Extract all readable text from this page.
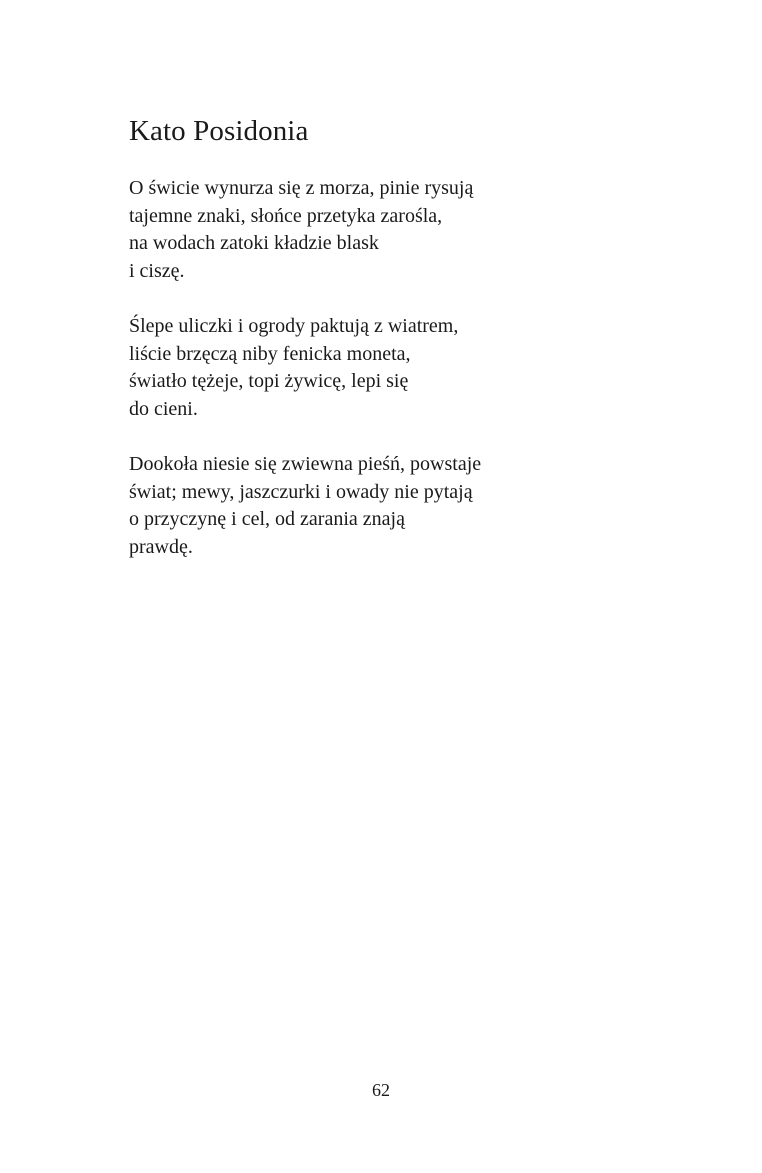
Kato Posidonia

O świcie wynurza się z morza, pinie rysują
tajemne znaki, słońce przetyka zarośla,
na wodach zatoki kładzie blask
i ciszę.

Ślepe uliczki i ogrody paktują z wiatrem,
liście brzęczą niby fenicka moneta,
światło tężeje, topi żywicę, lepi się
do cieni.

Dookoła niesie się zwiewna pieśń, powstaje
świat; mewy, jaszczurki i owady nie pytają
o przyczynę i cel, od zarania znają
prawdę.

62
